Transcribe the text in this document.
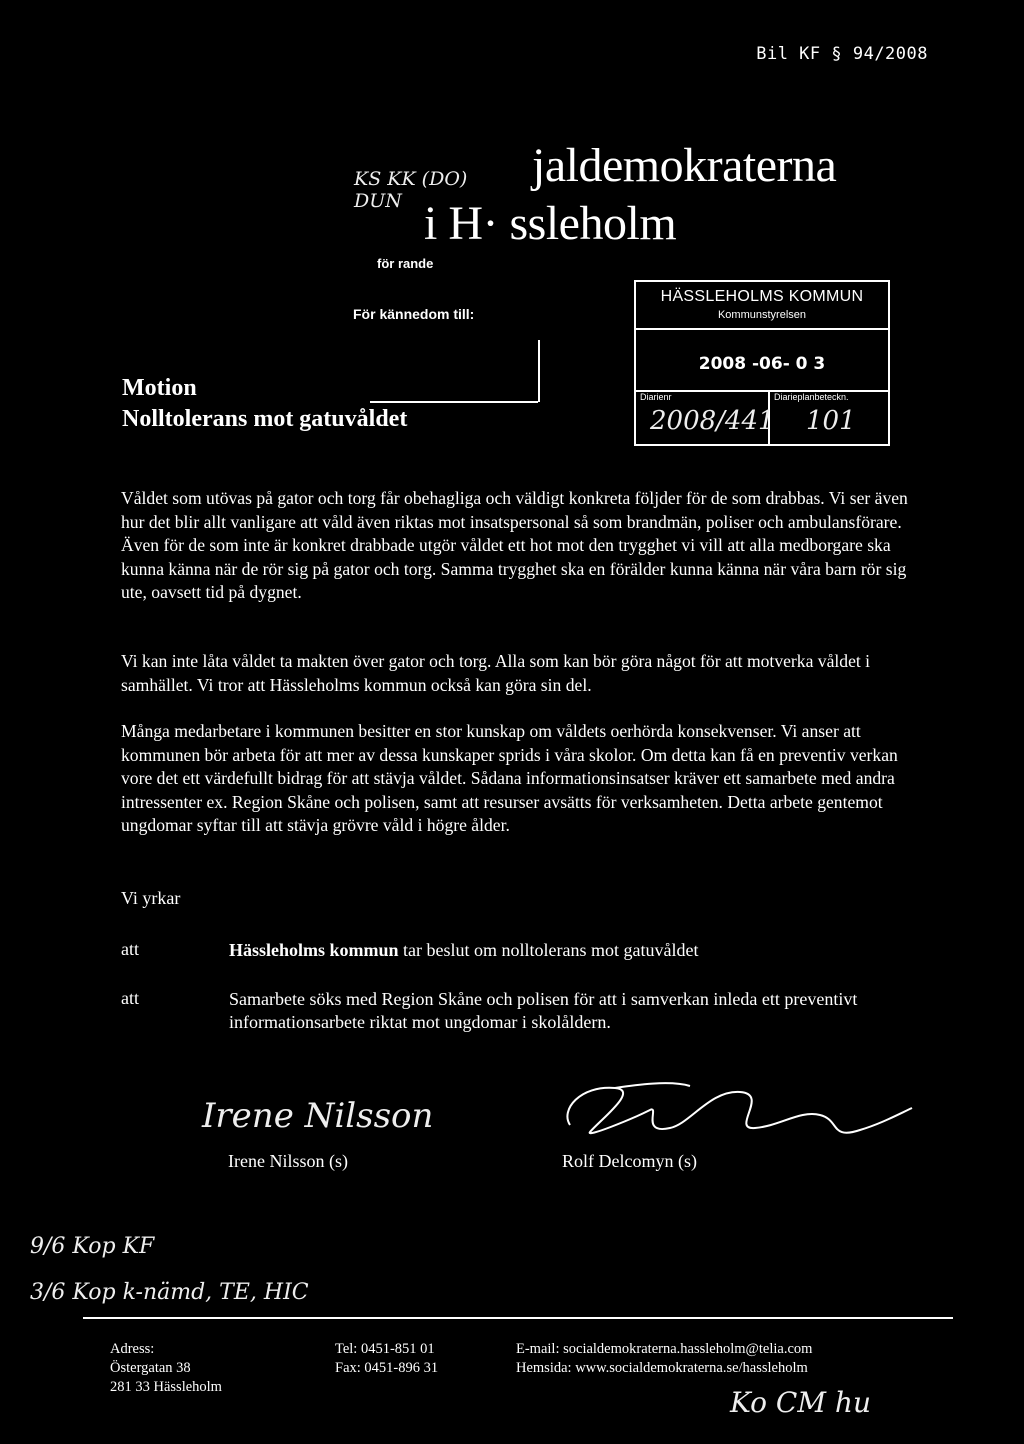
Bil KF § 94/2008
KS KK (DO) DUN
jaldemokraterna
i H· ssleholm
för rande
För kännedom till:
HÄSSLEHOLMS KOMMUN
Kommunstyrelsen
2008 -06- 0 3
Diarienr	Diarieplanbeteckn.
2008/441 101
Motion
Nolltolerans mot gatuvåldet

Våldet som utövas på gator och torg får obehagliga och väldigt konkreta följder för de som drabbas. Vi ser även hur det blir allt vanligare att våld även riktas mot insatspersonal så som brandmän, poliser och ambulansförare. Även för de som inte är konkret drabbade utgör våldet ett hot mot den trygghet vi vill att alla medborgare ska kunna känna när de rör sig på gator och torg. Samma trygghet ska en förälder kunna känna när våra barn rör sig ute, oavsett tid på dygnet.

Vi kan inte låta våldet ta makten över gator och torg. Alla som kan bör göra något för att motverka våldet i samhället. Vi tror att Hässleholms kommun också kan göra sin del.

Många medarbetare i kommunen besitter en stor kunskap om våldets oerhörda konsekvenser. Vi anser att kommunen bör arbeta för att mer av dessa kunskaper sprids i våra skolor. Om detta kan få en preventiv verkan vore det ett värdefullt bidrag för att stävja våldet. Sådana informationsinsatser kräver ett samarbete med andra intressenter ex. Region Skåne och polisen, samt att resurser avsätts för verksamheten. Detta arbete gentemot ungdomar syftar till att stävja grövre våld i högre ålder.

Vi yrkar
att	Hässleholms kommun tar beslut om nolltolerans mot gatuvåldet
att	Samarbete söks med Region Skåne och polisen för att i samverkan inleda ett preventivt informationsarbete riktat mot ungdomar i skolåldern.
Irene Nilsson
Irene Nilsson (s)	Rolf Delcomyn (s)
9/6 Kop KF
3/6 Kop k-nämd, TE, HIC
Adress:
Östergatan 38
281 33 Hässleholm
Tel: 0451-851 01
Fax: 0451-896 31
E-mail: socialdemokraterna.hassleholm@telia.com
Hemsida: www.socialdemokraterna.se/hassleholm
Ko CM hu
